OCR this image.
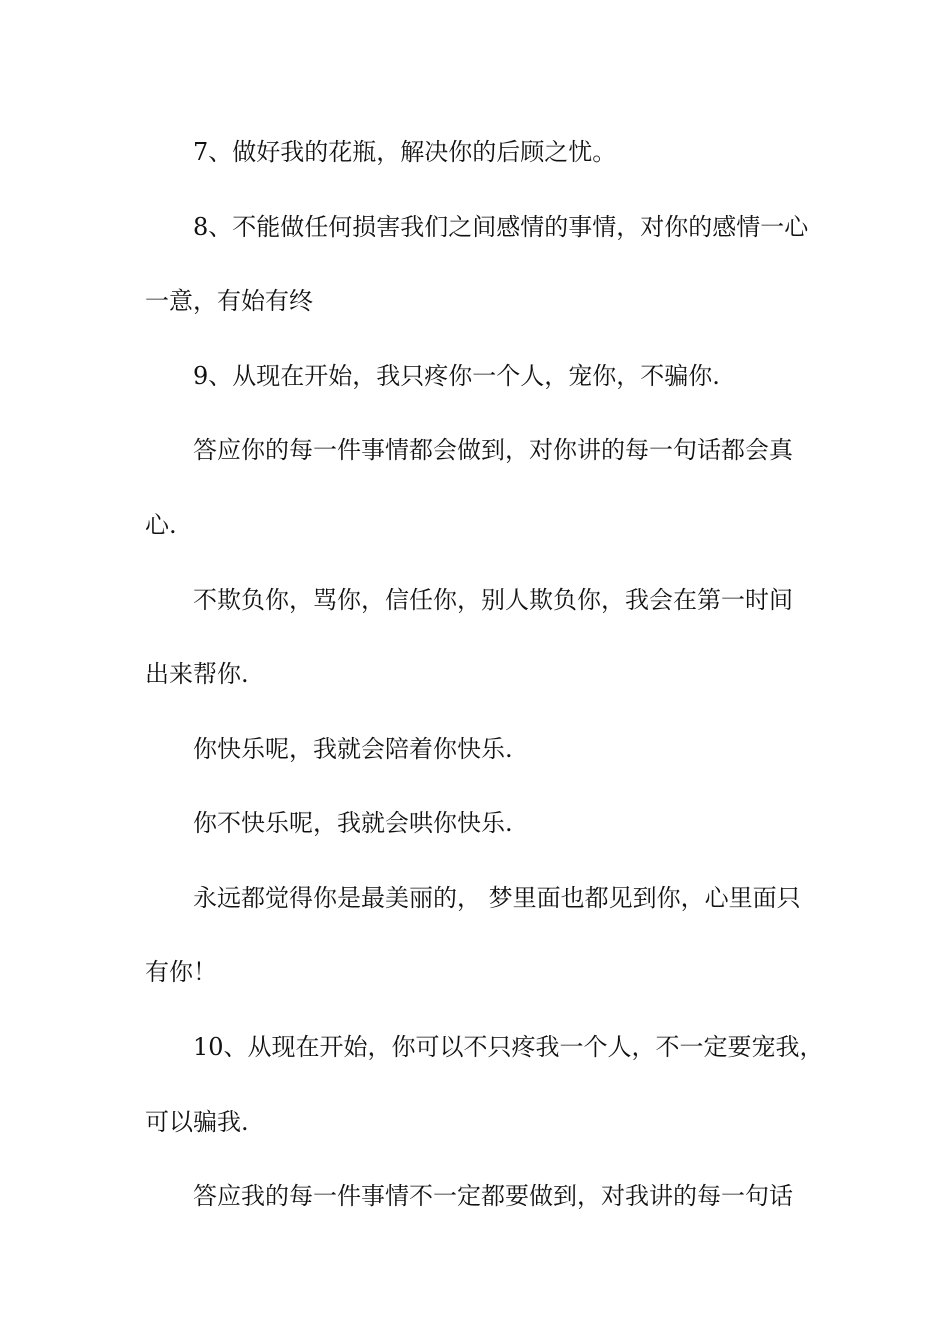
7、做好我的花瓶，解决你的后顾之忧。

8、不能做任何损害我们之间感情的事情，对你的感情一心

一意，有始有终

9、从现在开始，我只疼你一个人，宠你，不骗你.

答应你的每一件事情都会做到，对你讲的每一句话都会真

心.

不欺负你，骂你，信任你，别人欺负你，我会在第一时间

出来帮你.

你快乐呢，我就会陪着你快乐.

你不快乐呢，我就会哄你快乐.

永远都觉得你是最美丽的， 梦里面也都见到你，心里面只

有你！

10、从现在开始，你可以不只疼我一个人，不一定要宠我，

可以骗我.

答应我的每一件事情不一定都要做到，对我讲的每一句话
